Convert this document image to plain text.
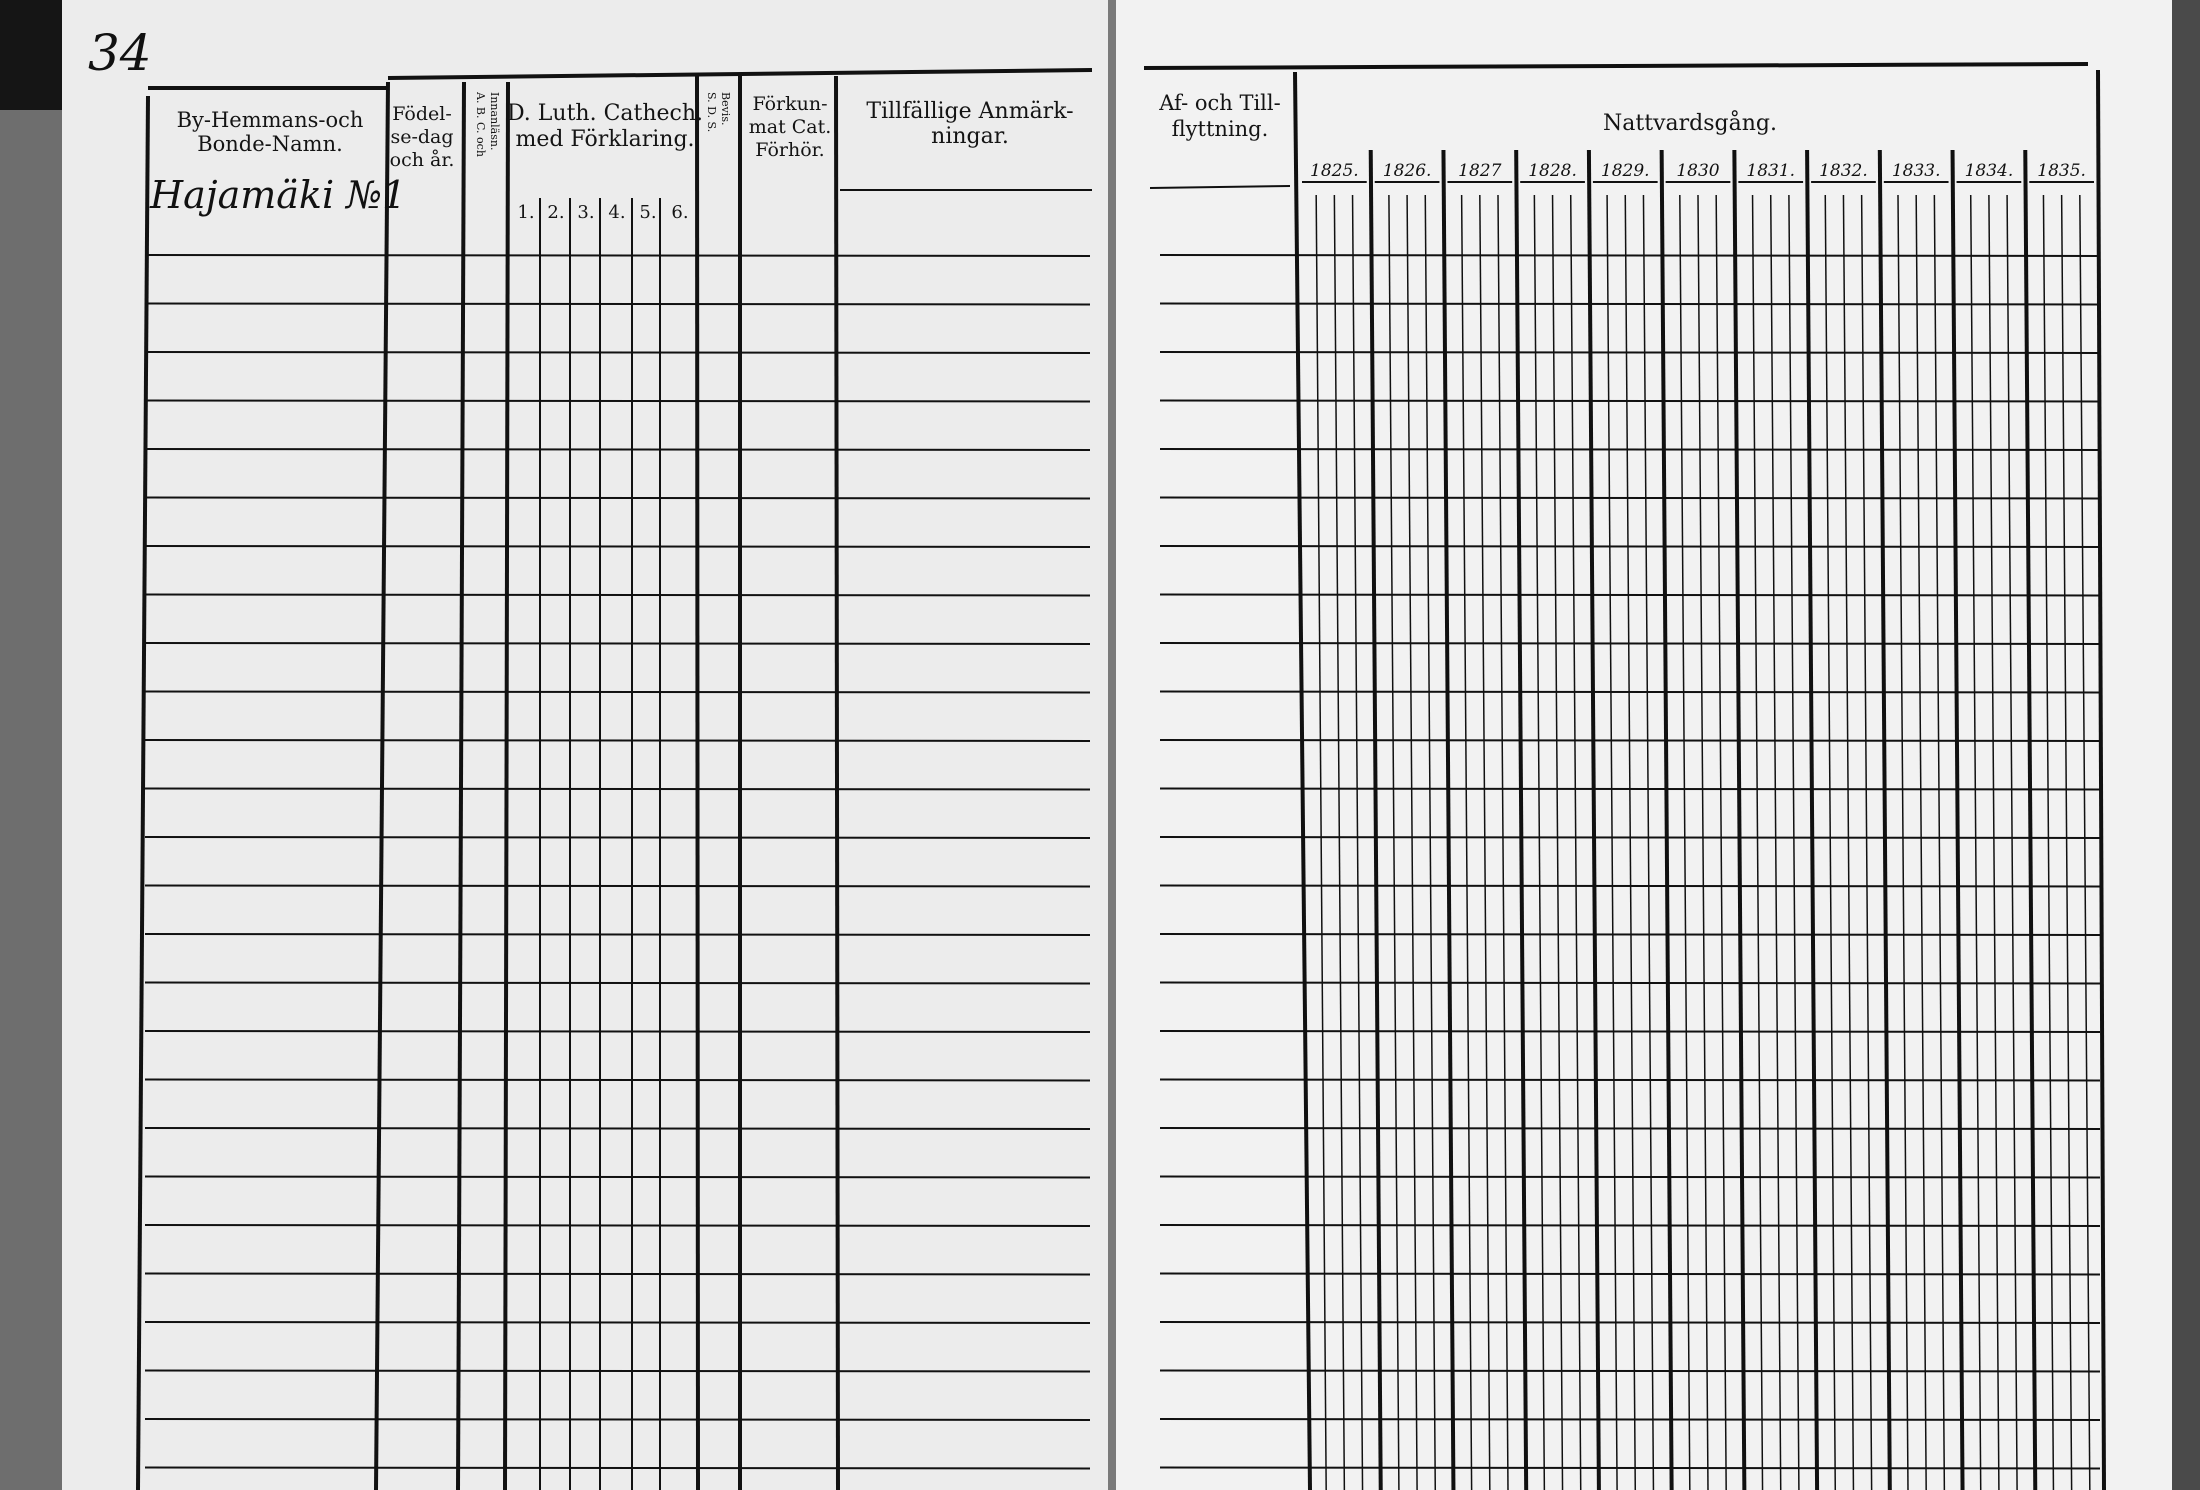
34
By-Hemmans-och
Bonde-Namn.
Födel-
se-dag
och år.
A. B. C. och Innanläsn. D. Luth. Cathech.
med Förklaring.
1. 2. 3. 4. 5. 6.
S. D. S. Bevis. Förkun-
mat Cat.
Förhör.
Tillfällige Anmärk-
ningar.
Hajamäki №1
Af- och Till-
flyttning.	Nattvardsgång.
1825. 1826. 1827 1828. 1829. 1830 1831. 1832. 1833. 1834. 1835.
